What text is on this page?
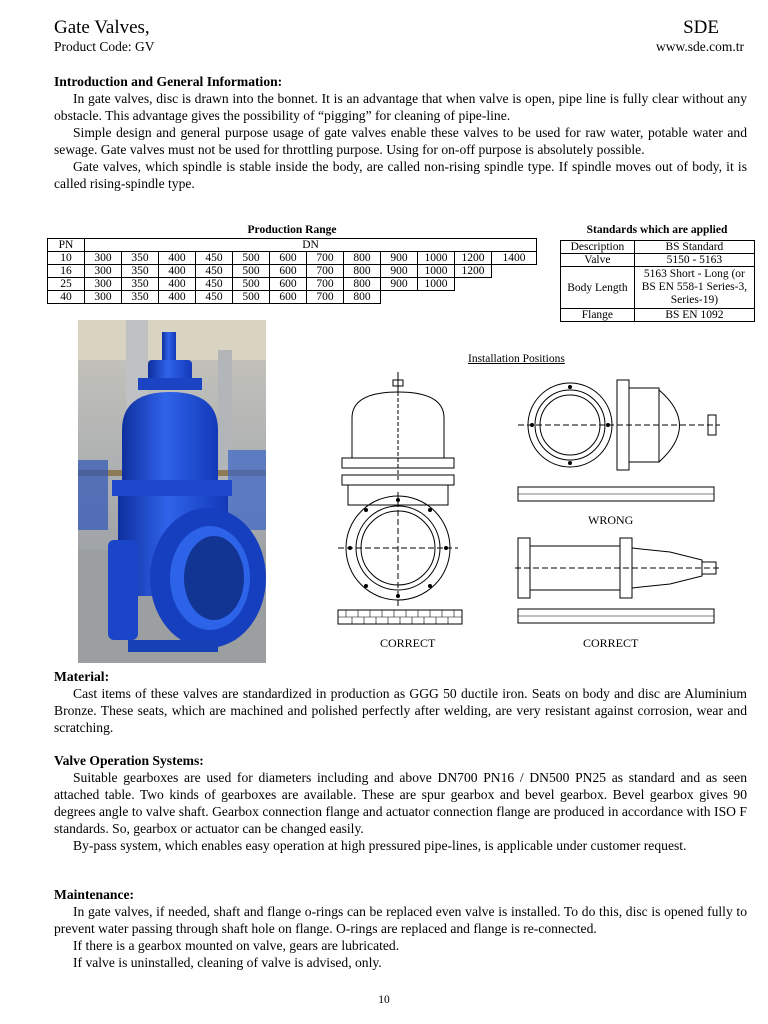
Gate Valves,	SDE
Product Code: GV	www.sde.com.tr
Introduction and General Information:

In gate valves, disc is drawn into the bonnet. It is an advantage that when valve is open, pipe line is fully clear without any obstacle. This advantage gives the possibility of “pigging” for cleaning of pipe-line.

Simple design and general purpose usage of gate valves enable these valves to be used for raw water, potable water and sewage. Gate valves must not be used for throttling purpose. Using for on-off purpose is absolutely possible.

Gate valves, which spindle is stable inside the body, are called non-rising spindle type. If spindle moves out of body, it is called rising-spindle type.

Production Range
PN	DN											
10	300	350	400	450	500	600	700	800	900	1000	1200	1400
16	300	350	400	450	500	600	700	800	900	1000	1200	
25	300	350	400	450	500	600	700	800	900	1000		
40	300	350	400	450	500	600	700	800				
Standards which are applied
Description	BS Standard
Valve	5150 - 5163
Body Length	5163 Short - Long (or BS EN 558-1 Series-3, Series-19)
Flange	BS EN 1092
Installation Positions
CORRECT
WRONG
CORRECT
Material:

Cast items of these valves are standardized in production as GGG 50 ductile iron. Seats on body and disc are Aluminium Bronze. These seats, which are machined and polished perfectly after welding, are very resistant against corrosion, wear and scratching.

Valve Operation Systems:

Suitable gearboxes are used for diameters including and above DN700 PN16 / DN500 PN25 as standard and as seen attached table. Two kinds of gearboxes are available. These are spur gearbox and bevel gearbox. Bevel gearbox gives 90 degrees angle to valve shaft. Gearbox connection flange and actuator connection flange are produced in accordance with ISO F standards. So, gearbox or actuator can be changed easily.

By-pass system, which enables easy operation at high pressured pipe-lines, is applicable under customer request.

Maintenance:

In gate valves, if needed, shaft and flange o-rings can be replaced even valve is installed. To do this, disc is opened fully to prevent water passing through shaft hole on flange. O-rings are replaced and flange is re-connected.

If there is a gearbox mounted on valve, gears are lubricated.

If valve is uninstalled, cleaning of valve is advised, only.

10
